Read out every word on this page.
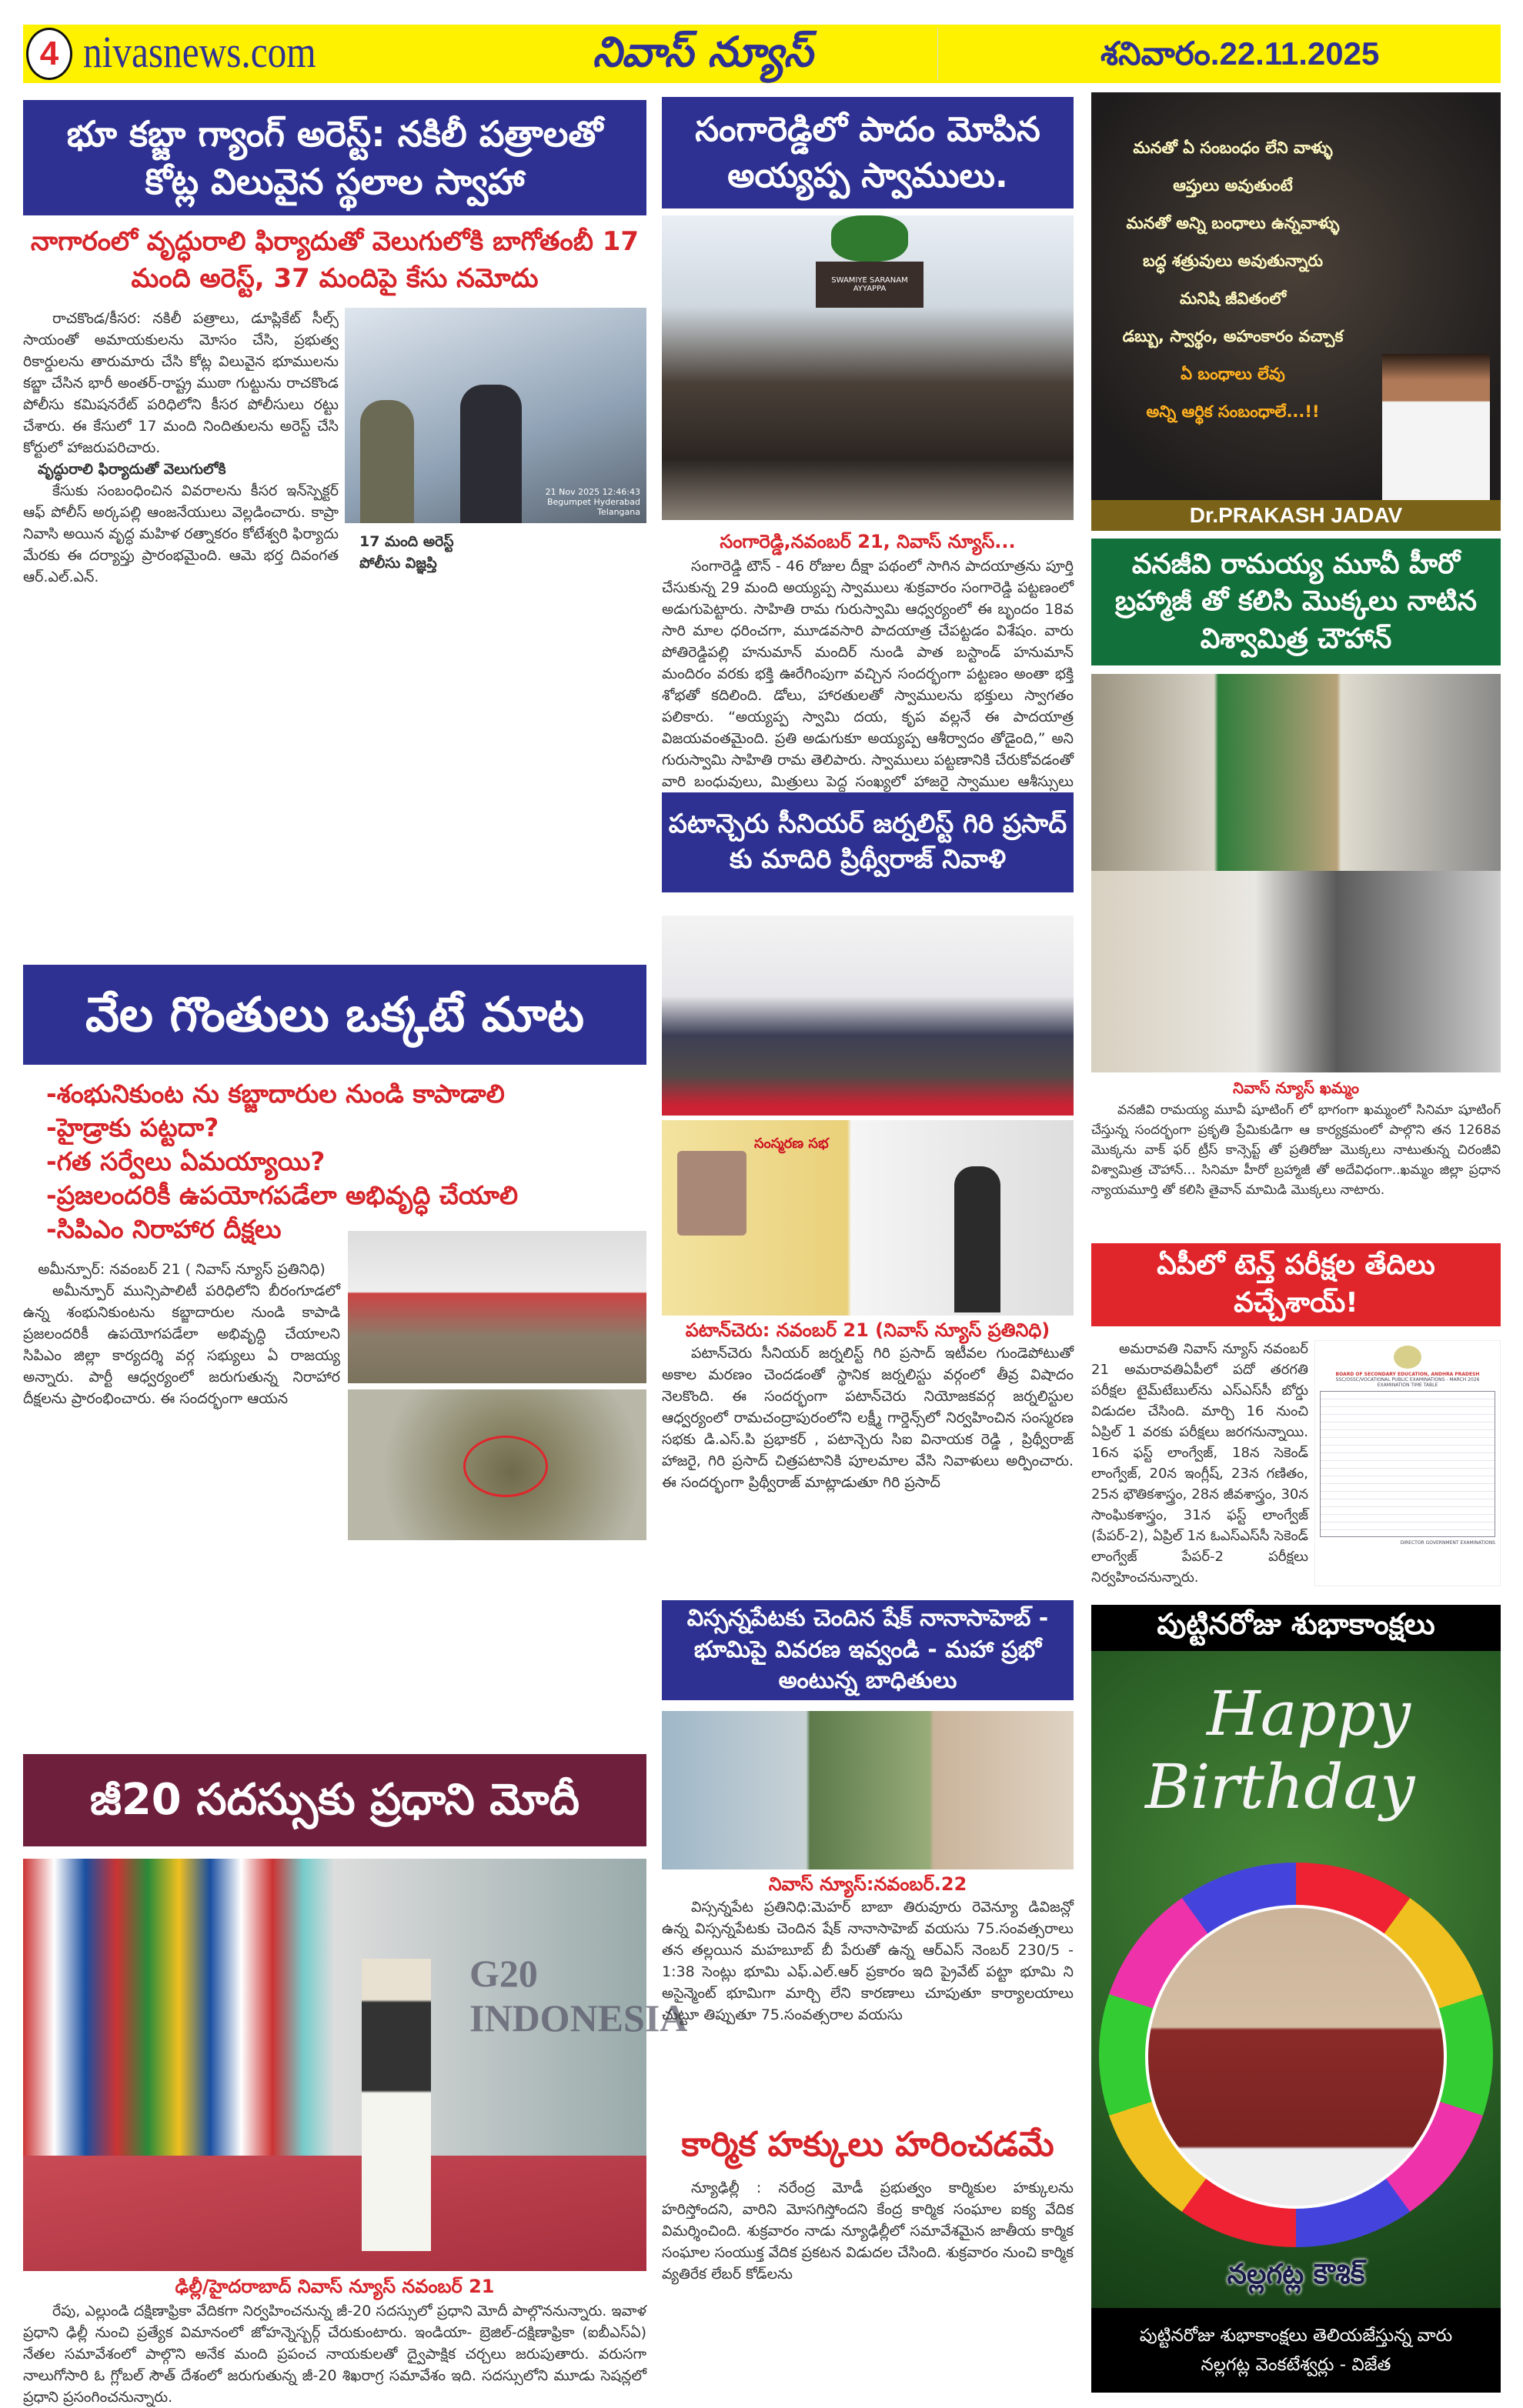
4 nivasnews.com	నివాస్ న్యూస్	శనివారం.22.11.2025
భూ కబ్జా గ్యాంగ్ అరెస్ట్: నకిలీ పత్రాలతో కోట్ల విలువైన స్థలాల స్వాహా
నాగారంలో వృద్ధురాలి ఫిర్యాదుతో వెలుగులోకి బాగోతంబీ 17 మంది అరెస్ట్, 37 మందిపై కేసు నమోదు

రాచకొండ/కీసర: నకిలీ పత్రాలు, డూప్లికేట్ సీల్స్ సాయంతో అమాయకులను మోసం చేసి, ప్రభుత్వ రికార్డులను తారుమారు చేసి కోట్ల విలువైన భూములను కబ్జా చేసిన భారీ అంతర్-రాష్ట్ర ముఠా గుట్టును రాచకొండ పోలీసు కమిషనరేట్ పరిధిలోని కీసర పోలీసులు రట్టు చేశారు. ఈ కేసులో 17 మంది నిందితులను అరెస్ట్ చేసి కోర్టులో హాజరుపరిచారు.

వృద్ధురాలి ఫిర్యాదుతో వెలుగులోకి

కేసుకు సంబంధించిన వివరాలను కీసర ఇన్‌స్పెక్టర్ ఆఫ్ పోలీస్ అర్కపల్లి ఆంజనేయులు వెల్లడించారు. కాప్రా నివాసి అయిన వృద్ధ మహిళ రత్నాకరం కోటేశ్వరి ఫిర్యాదు మేరకు ఈ దర్యాప్తు ప్రారంభమైంది. ఆమె భర్త దివంగత ఆర్.ఎల్.ఎన్.

21 Nov 2025 12:46:43 Begumpet Hyderabad Telangana

17 మంది అరెస్ట్

పోలీసు విజ్ఞప్తి

వేల గొంతులు ఒక్కటే మాట
-శంభునికుంట ను కబ్జాదారుల నుండి కాపాడాలి
-హైడ్రాకు పట్టదా?
-గత సర్వేలు ఏమయ్యాయి?
-ప్రజలందరికీ ఉపయోగపడేలా అభివృద్ధి చేయాలి
-సిపిఎం నిరాహార దీక్షలు

అమీన్పూర్: నవంబర్ 21 ( నివాస్ న్యూస్ ప్రతినిధి)

అమీన్పూర్ మున్సిపాలిటీ పరిధిలోని బీరంగూడలో ఉన్న శంభునికుంటను కబ్జాదారుల నుండి కాపాడి ప్రజలందరికీ ఉపయోగపడేలా అభివృద్ధి చేయాలని సిపిఎం జిల్లా కార్యదర్శి వర్గ సభ్యులు ఏ రాజయ్య అన్నారు. పార్టీ ఆధ్వర్యంలో జరుగుతున్న నిరాహార దీక్షలను ప్రారంభించారు. ఈ సందర్భంగా ఆయన

జీ20 సదస్సుకు ప్రధాని మోదీ
G20 INDONESIA
ఢిల్లీ/హైదరాబాద్ నివాస్ న్యూస్ నవంబర్ 21

రేపు, ఎల్లుండి దక్షిణాఫ్రికా వేదికగా నిర్వహించనున్న జీ-20 సదస్సులో ప్రధాని మోదీ పాల్గొననున్నారు. ఇవాళ ప్రధాని ఢిల్లీ నుంచి ప్రత్యేక విమానంలో జోహన్నెస్బర్గ్ చేరుకుంటారు. ఇండియా- బ్రెజిల్-దక్షిణాఫ్రికా (ఐబీఎస్ఏ) నేతల సమావేశంలో పాల్గొని అనేక మంది ప్రపంచ నాయకులతో ద్వైపాక్షిక చర్చలు జరుపుతారు. వరుసగా నాలుగోసారి ఓ గ్లోబల్ సౌత్ దేశంలో జరుగుతున్న జీ-20 శిఖరాగ్ర సమావేశం ఇది. సదస్సులోని మూడు సెషన్లలో ప్రధాని ప్రసంగించనున్నారు.

సంగారెడ్డిలో పాదం మోపిన అయ్యప్ప స్వాములు.
SWAMIYE SARANAM AYYAPPA
సంగారెడ్డి,నవంబర్ 21, నివాస్ న్యూస్...

సంగారెడ్డి టౌన్ - 46 రోజుల దీక్షా పథంలో సాగిన పాదయాత్రను పూర్తి చేసుకున్న 29 మంది అయ్యప్ప స్వాములు శుక్రవారం సంగారెడ్డి పట్టణంలో అడుగుపెట్టారు. సాహితి రామ గురుస్వామి ఆధ్వర్యంలో ఈ బృందం 18వ సారి మాల ధరించగా, మూడవసారి పాదయాత్ర చేపట్టడం విశేషం. వారు పోతిరెడ్డిపల్లి హనుమాన్ మందిర్ నుండి పాత బస్టాండ్ హనుమాన్ మందిరం వరకు భక్తి ఊరేగింపుగా వచ్చిన సందర్భంగా పట్టణం అంతా భక్తి శోభతో కదిలింది. డోలు, హారతులతో స్వాములను భక్తులు స్వాగతం పలికారు. “అయ్యప్ప స్వామి దయ, కృప వల్లనే ఈ పాదయాత్ర విజయవంతమైంది. ప్రతి అడుగుకూ అయ్యప్ప ఆశీర్వాదం తోడైంది,” అని గురుస్వామి సాహితి రామ తెలిపారు. స్వాములు పట్టణానికి చేరుకోవడంతో వారి బంధువులు, మిత్రులు పెద్ద సంఖ్యలో హాజరై స్వాముల ఆశీస్సులు

పటాన్చెరు సీనియర్ జర్నలిస్ట్ గిరి ప్రసాద్ కు మాదిరి ప్రిథ్వీరాజ్ నివాళి
సంస్మరణ సభ
పటాన్‌చెరు: నవంబర్ 21 (నివాస్ న్యూస్ ప్రతినిధి)

పటాన్‌చెరు సీనియర్ జర్నలిస్ట్ గిరి ప్రసాద్ ఇటీవల గుండెపోటుతో అకాల మరణం చెందడంతో స్థానిక జర్నలిస్టు వర్గంలో తీవ్ర విషాదం నెలకొంది. ఈ సందర్భంగా పటాన్‌చెరు నియోజకవర్గ జర్నలిస్టుల ఆధ్వర్యంలో రామచంద్రాపురంలోని లక్ష్మీ గార్డెన్స్‌లో నిర్వహించిన సంస్మరణ సభకు డి.ఎస్.పి ప్రభాకర్ , పటాన్చెరు సిఐ వినాయక రెడ్డి , ప్రిథ్వీరాజ్ హాజరై, గిరి ప్రసాద్ చిత్రపటానికి పూలమాల వేసి నివాళులు అర్పించారు. ఈ సందర్భంగా ప్రిథ్వీరాజ్ మాట్లాడుతూ గిరి ప్రసాద్

విస్సన్నపేటకు చెందిన షేక్ నానాసాహెబ్ - భూమిపై వివరణ ఇవ్వండి - మహా ప్రభో అంటున్న బాధితులు
నివాస్ న్యూస్:నవంబర్.22

విస్సన్నపేట ప్రతినిధి:మెహర్ బాబా తిరువూరు రెవెన్యూ డివిజన్లో ఉన్న విస్సన్నపేటకు చెందిన షేక్ నానాసాహెబ్ వయసు 75.సంవత్సరాలు తన తల్లయిన మహబూబ్ బీ పేరుతో ఉన్న ఆర్ఎస్ నెంబర్ 230/5 - 1:38 సెంట్లు భూమి ఎఫ్.ఎల్.ఆర్ ప్రకారం ఇది ప్రైవేట్ పట్టా భూమి ని అసైన్మెంట్ భూమిగా మార్చి లేని కారణాలు చూపుతూ కార్యాలయాలు చుట్టూ తిప్పుతూ 75.సంవత్సరాల వయసు

కార్మిక హక్కులు హరించడమే

న్యూఢిల్లీ : నరేంద్ర మోడీ ప్రభుత్వం కార్మికుల హక్కులను హరిస్తోందని, వారిని మోసగిస్తోందని కేంద్ర కార్మిక సంఘాల ఐక్య వేదిక విమర్శించింది. శుక్రవారం నాడు న్యూఢిల్లీలో సమావేశమైన జాతీయ కార్మిక సంఘాల సంయుక్త వేదిక ప్రకటన విడుదల చేసింది. శుక్రవారం నుంచి కార్మిక వ్యతిరేక లేబర్ కోడ్‌లను

మనతో ఏ సంబంధం లేని వాళ్ళు
ఆప్తులు అవుతుంటే
మనతో అన్ని బంధాలు ఉన్నవాళ్ళు
బద్ధ శత్రువులు అవుతున్నారు
మనిషి జీవితంలో
డబ్బు, స్వార్థం, అహంకారం వచ్చాక
ఏ బంధాలు లేవు
అన్ని ఆర్థిక సంబంధాలే...!!
Dr.PRAKASH JADAV
వనజీవి రామయ్య మూవీ హీరో బ్రహ్మాజీ తో కలిసి మొక్కలు నాటిన విశ్వామిత్ర చౌహాన్
నివాస్ న్యూస్ ఖమ్మం

వనజీవి రామయ్య మూవీ షూటింగ్ లో భాగంగా ఖమ్మంలో సినిమా షూటింగ్ చేస్తున్న సందర్భంగా ప్రకృతి ప్రేమికుడిగా ఆ కార్యక్రమంలో పాల్గొని తన 1268వ మొక్కను వాక్ ఫర్ ట్రీస్ కాన్సెప్ట్ తో ప్రతిరోజు మొక్కలు నాటుతున్న చిరంజీవి విశ్వామిత్ర చౌహాన్... సినిమా హీరో బ్రహ్మాజీ తో అదేవిధంగా..ఖమ్మం జిల్లా ప్రధాన న్యాయమూర్తి తో కలిసి తైవాన్ మామిడి మొక్కలు నాటారు.

ఏపీలో టెన్త్ పరీక్షల తేదిలు వచ్చేశాయ్!

అమరావతి నివాస్ న్యూస్ నవంబర్ 21 అమరావతిఏపీలో పదో తరగతి పరీక్షల టైమ్‌టేబుల్‌ను ఎస్ఎస్‌సీ బోర్డు విడుదల చేసింది. మార్చి 16 నుంచి ఏప్రిల్ 1 వరకు పరీక్షలు జరగనున్నాయి. 16న ఫస్ట్ లాంగ్వేజ్, 18న సెకెండ్ లాంగ్వేజ్, 20న ఇంగ్లీష్, 23న గణితం, 25న భౌతికశాస్త్రం, 28న జీవశాస్త్రం, 30న సాంఘికశాస్త్రం, 31న ఫస్ట్ లాంగ్వేజ్ (పేపర్-2), ఏప్రిల్ 1న ఓఎస్ఎస్‌సీ సెకెండ్ లాంగ్వేజ్ పేపర్-2 పరీక్షలు నిర్వహించనున్నారు.

BOARD OF SECONDARY EDUCATION, ANDHRA PRADESH
SSC/OSSC/VOCATIONAL PUBLIC EXAMINATIONS - MARCH 2026
EXAMINATION TIME TABLE
DIRECTOR GOVERNMENT EXAMINATIONS
పుట్టినరోజు శుభాకాంక్షలు
Happy
Birthday
నల్లగట్ల కౌశిక్
పుట్టినరోజు శుభాకాంక్షలు తెలియజేస్తున్న వారు నల్లగట్ల వెంకటేశ్వర్లు - విజేత
